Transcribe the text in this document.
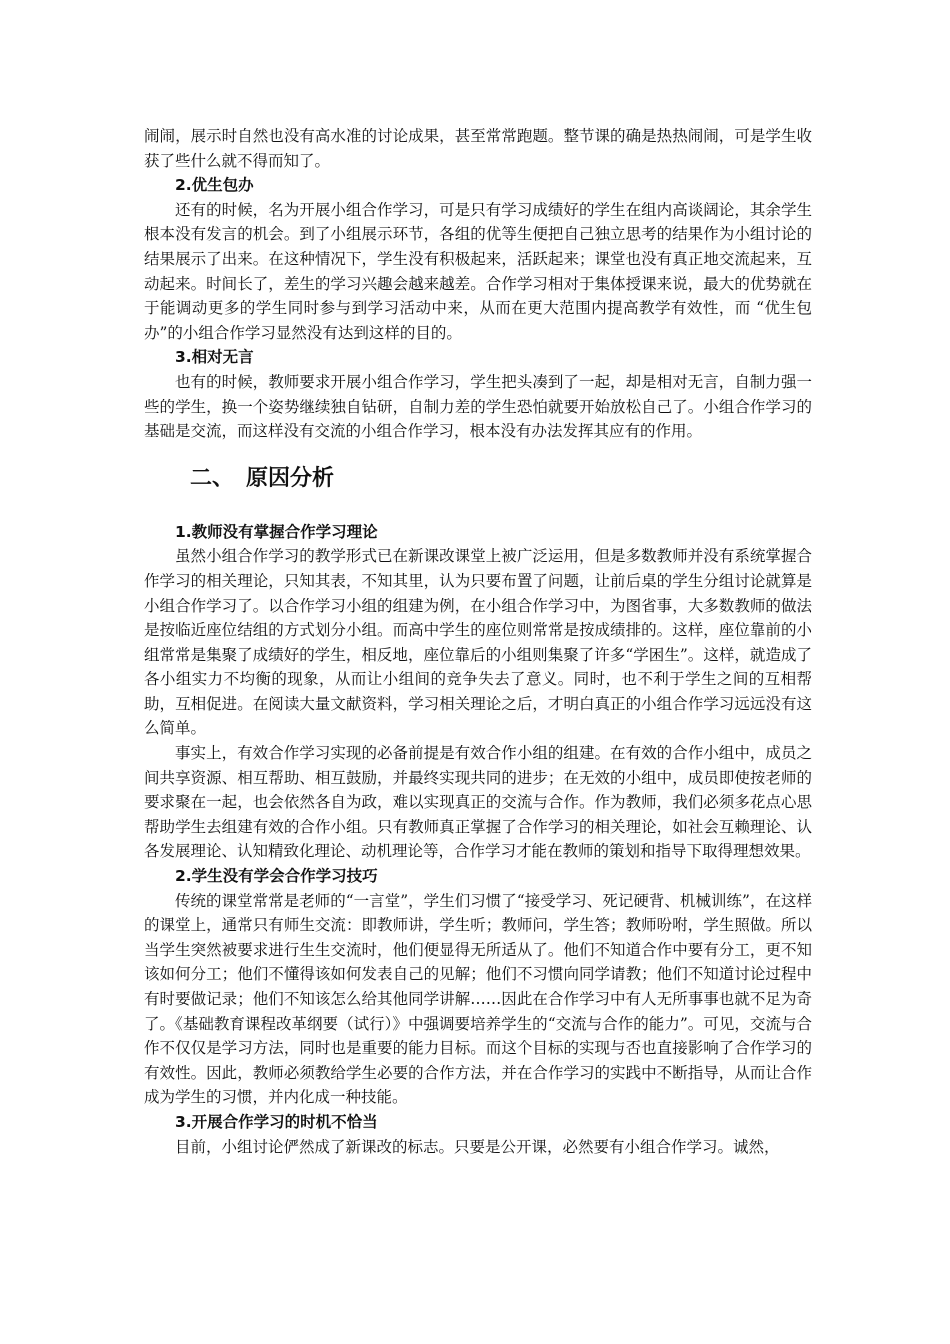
闹闹，展示时自然也没有高水准的讨论成果，甚至常常跑题。整节课的确是热热闹闹，可是学生收获了些什么就不得而知了。

2.优生包办

还有的时候，名为开展小组合作学习，可是只有学习成绩好的学生在组内高谈阔论，其余学生根本没有发言的机会。到了小组展示环节，各组的优等生便把自己独立思考的结果作为小组讨论的结果展示了出来。在这种情况下，学生没有积极起来，活跃起来；课堂也没有真正地交流起来，互动起来。时间长了，差生的学习兴趣会越来越差。合作学习相对于集体授课来说，最大的优势就在于能调动更多的学生同时参与到学习活动中来，从而在更大范围内提高教学有效性，而 “优生包办”的小组合作学习显然没有达到这样的目的。

3.相对无言

也有的时候，教师要求开展小组合作学习，学生把头凑到了一起，却是相对无言，自制力强一些的学生，换一个姿势继续独自钻研，自制力差的学生恐怕就要开始放松自己了。小组合作学习的基础是交流，而这样没有交流的小组合作学习，根本没有办法发挥其应有的作用。

二、 原因分析
1.教师没有掌握合作学习理论

虽然小组合作学习的教学形式已在新课改课堂上被广泛运用，但是多数教师并没有系统掌握合作学习的相关理论，只知其表，不知其里，认为只要布置了问题，让前后桌的学生分组讨论就算是小组合作学习了。以合作学习小组的组建为例，在小组合作学习中，为图省事，大多数教师的做法是按临近座位结组的方式划分小组。而高中学生的座位则常常是按成绩排的。这样，座位靠前的小组常常是集聚了成绩好的学生，相反地，座位靠后的小组则集聚了许多“学困生”。这样，就造成了各小组实力不均衡的现象，从而让小组间的竞争失去了意义。同时，也不利于学生之间的互相帮助，互相促进。在阅读大量文献资料，学习相关理论之后，才明白真正的小组合作学习远远没有这么简单。

事实上，有效合作学习实现的必备前提是有效合作小组的组建。在有效的合作小组中，成员之间共享资源、相互帮助、相互鼓励，并最终实现共同的进步；在无效的小组中，成员即使按老师的要求聚在一起，也会依然各自为政，难以实现真正的交流与合作。作为教师，我们必须多花点心思帮助学生去组建有效的合作小组。只有教师真正掌握了合作学习的相关理论，如社会互赖理论、认各发展理论、认知精致化理论、动机理论等，合作学习才能在教师的策划和指导下取得理想效果。

2.学生没有学会合作学习技巧

传统的课堂常常是老师的“一言堂”，学生们习惯了“接受学习、死记硬背、机械训练”，在这样的课堂上，通常只有师生交流：即教师讲，学生听；教师问，学生答；教师吩咐，学生照做。所以当学生突然被要求进行生生交流时，他们便显得无所适从了。他们不知道合作中要有分工，更不知该如何分工；他们不懂得该如何发表自己的见解；他们不习惯向同学请教；他们不知道讨论过程中有时要做记录；他们不知该怎么给其他同学讲解……因此在合作学习中有人无所事事也就不足为奇了。《基础教育课程改革纲要（试行）》中强调要培养学生的“交流与合作的能力”。可见，交流与合作不仅仅是学习方法，同时也是重要的能力目标。而这个目标的实现与否也直接影响了合作学习的有效性。因此，教师必须教给学生必要的合作方法，并在合作学习的实践中不断指导，从而让合作成为学生的习惯，并内化成一种技能。

3.开展合作学习的时机不恰当

目前，小组讨论俨然成了新课改的标志。只要是公开课，必然要有小组合作学习。诚然，
